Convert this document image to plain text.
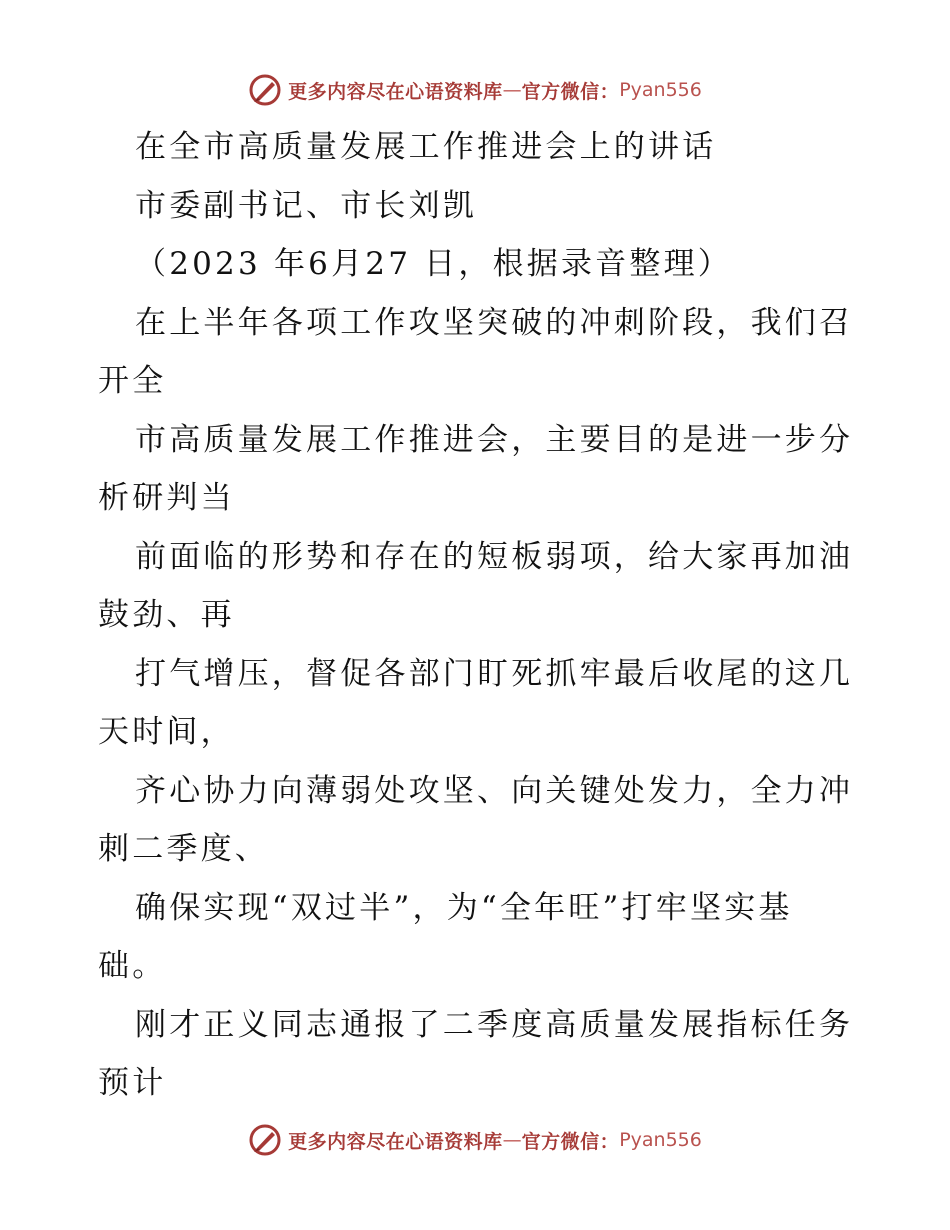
更多内容尽在心语资料库 — 官方微信： Pyan556
在全市高质量发展工作推进会上的讲话
市委副书记、市长刘凯
（2023 年6月27 日，根据录音整理）
在上半年各项工作攻坚突破的冲刺阶段，我们召
开全
市高质量发展工作推进会，主要目的是进一步分
析研判当
前面临的形势和存在的短板弱项，给大家再加油
鼓劲、再
打气增压，督促各部门盯死抓牢最后收尾的这几
天时间，
齐心协力向薄弱处攻坚、向关键处发力，全力冲
刺二季度、
确保实现“双过半”，为“全年旺”打牢坚实基
础。
刚才正义同志通报了二季度高质量发展指标任务
预计
更多内容尽在心语资料库 — 官方微信： Pyan556
